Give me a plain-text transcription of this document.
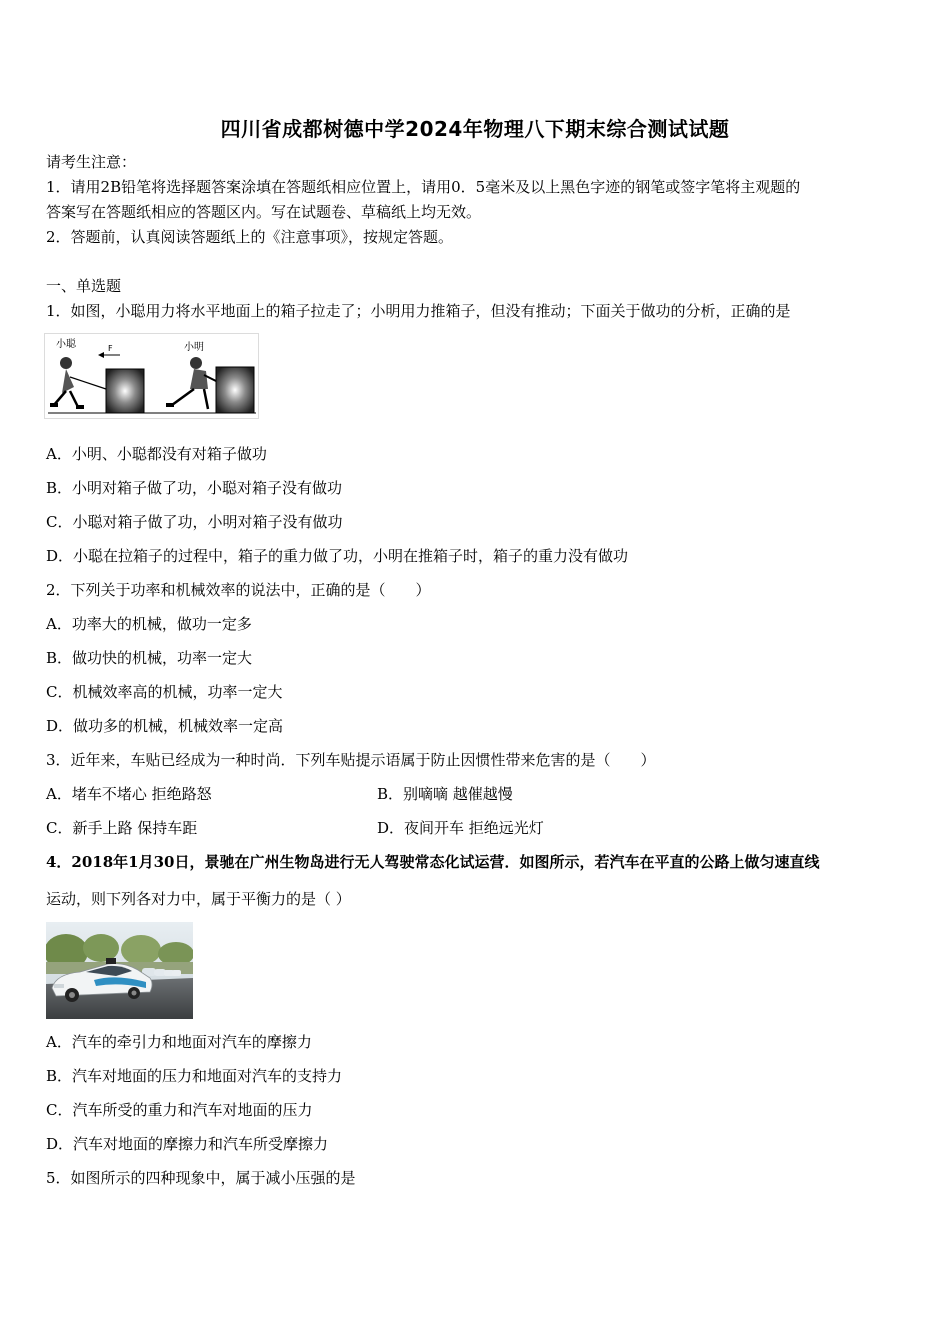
四川省成都树德中学2024年物理八下期末综合测试试题
请考生注意：
1．请用2B铅笔将选择题答案涂填在答题纸相应位置上，请用0．5毫米及以上黑色字迹的钢笔或签字笔将主观题的
答案写在答题纸相应的答题区内。写在试题卷、草稿纸上均无效。
2．答题前，认真阅读答题纸上的《注意事项》，按规定答题。
一、单选题
1．如图，小聪用力将水平地面上的箱子拉走了；小明用力推箱子，但没有推动；下面关于做功的分析，正确的是
小聪	小明
F
A．小明、小聪都没有对箱子做功
B．小明对箱子做了功，小聪对箱子没有做功
C．小聪对箱子做了功，小明对箱子没有做功
D．小聪在拉箱子的过程中，箱子的重力做了功，小明在推箱子时，箱子的重力没有做功
2．下列关于功率和机械效率的说法中，正确的是（　　）
A．功率大的机械，做功一定多
B．做功快的机械，功率一定大
C．机械效率高的机械，功率一定大
D．做功多的机械，机械效率一定高
3．近年来，车贴已经成为一种时尚．下列车贴提示语属于防止因惯性带来危害的是（　　）
A．堵车不堵心 拒绝路怒	B．别嘀嘀 越催越慢
C．新手上路 保持车距	D．夜间开车 拒绝远光灯
4．2018年1月30日，景驰在广州生物岛进行无人驾驶常态化试运营．如图所示，若汽车在平直的公路上做匀速直线
运动，则下列各对力中，属于平衡力的是（ ）
A．汽车的牵引力和地面对汽车的摩擦力
B．汽车对地面的压力和地面对汽车的支持力
C．汽车所受的重力和汽车对地面的压力
D．汽车对地面的摩擦力和汽车所受摩擦力
5．如图所示的四种现象中，属于减小压强的是
